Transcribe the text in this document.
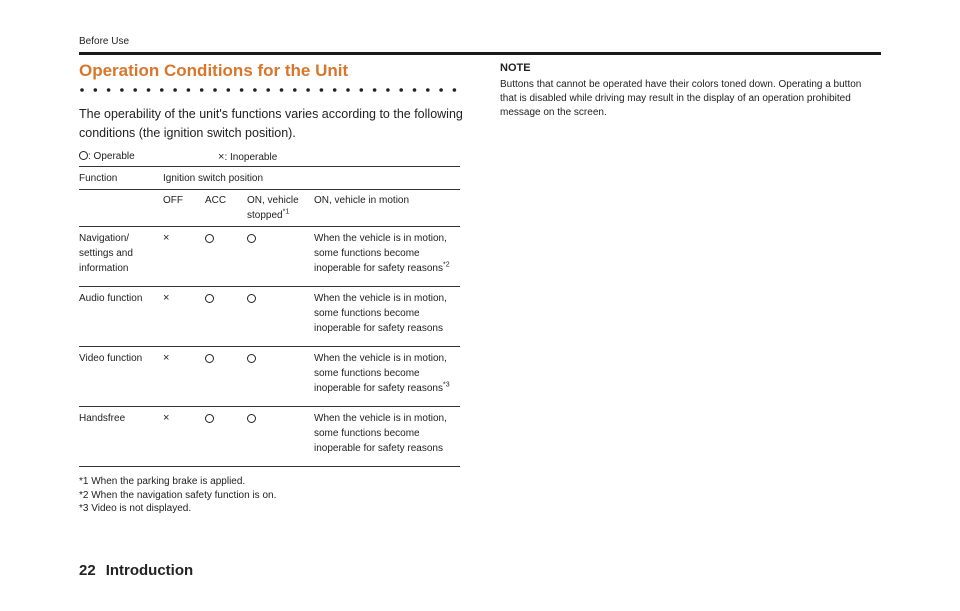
Before Use
Operation Conditions for the Unit
The operability of the unit's functions varies according to the following conditions (the ignition switch position).
: Operable	×: Inoperable
Function	Ignition switch position			
	OFF	ACC	ON, vehicle stopped$^{*1}$	ON, vehicle in motion
Navigation/ settings and information	×			When the vehicle is in motion, some functions become inoperable for safety reasons$^{*2}$
Audio function	×			When the vehicle is in motion, some functions become inoperable for safety reasons
Video function	×			When the vehicle is in motion, some functions become inoperable for safety reasons$^{*3}$
Handsfree	×			When the vehicle is in motion, some functions become inoperable for safety reasons
*1 When the parking brake is applied.
*2 When the navigation safety function is on.
*3 Video is not displayed.
NOTE
Buttons that cannot be operated have their colors toned down. Operating a button that is disabled while driving may result in the display of an operation prohibited message on the screen.
22 Introduction
